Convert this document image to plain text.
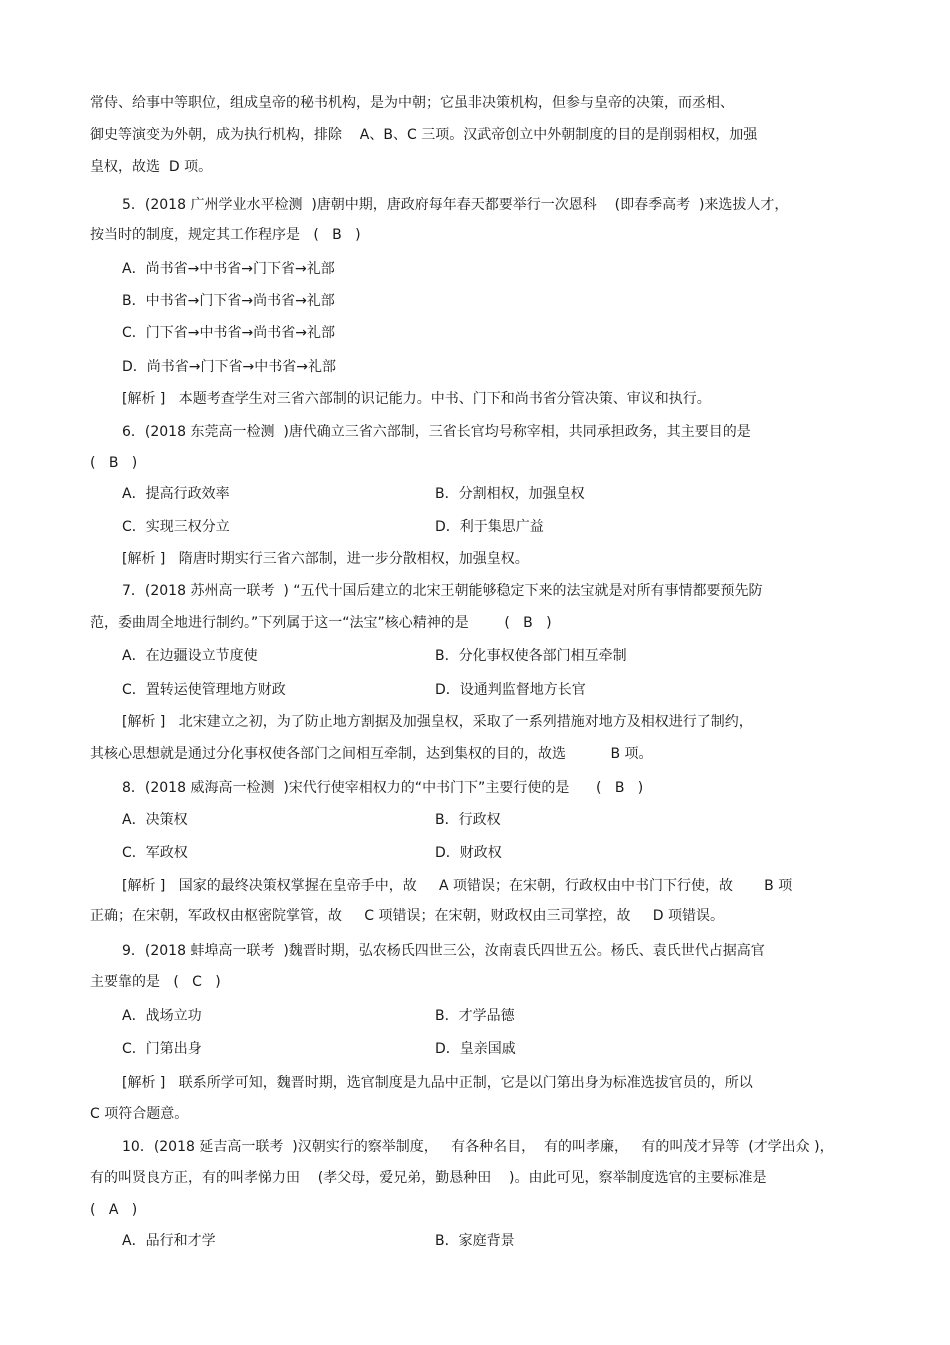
常侍、给事中等职位，组成皇帝的秘书机构，是为中朝；它虽非决策机构，但参与皇帝的决策，而丞相、
御史等演变为外朝，成为执行机构，排除    A、B、C 三项。汉武帝创立中外朝制度的目的是削弱相权，加强
皇权，故选  D 项。
5．(2018 广州学业水平检测  )唐朝中期，唐政府每年春天都要举行一次恩科    (即春季高考  )来选拔人才，
按当时的制度，规定其工作程序是   (   B   )
A．尚书省→中书省→门下省→礼部
B．中书省→门下省→尚书省→礼部
C．门下省→中书省→尚书省→礼部
D．尚书省→门下省→中书省→礼部
[解析 ]   本题考查学生对三省六部制的识记能力。中书、门下和尚书省分管决策、审议和执行。
6．(2018 东莞高一检测  )唐代确立三省六部制，三省长官均号称宰相，共同承担政务，其主要目的是
(   B   )
A．提高行政效率	B．分割相权，加强皇权
C．实现三权分立	D．利于集思广益
[解析 ]   隋唐时期实行三省六部制，进一步分散相权，加强皇权。
7．(2018 苏州高一联考  ) “五代十国后建立的北宋王朝能够稳定下来的法宝就是对所有事情都要预先防
范，委曲周全地进行制约。”下列属于这一“法宝”核心精神的是        (   B   )
A．在边疆设立节度使	B．分化事权使各部门相互牵制
C．置转运使管理地方财政	D．设通判监督地方长官
[解析 ]   北宋建立之初，为了防止地方割据及加强皇权，采取了一系列措施对地方及相权进行了制约，
其核心思想就是通过分化事权使各部门之间相互牵制，达到集权的目的，故选          B 项。
8．(2018 威海高一检测  )宋代行使宰相权力的“中书门下”主要行使的是      (   B   )
A．决策权	B．行政权
C．军政权	D．财政权
[解析 ]   国家的最终决策权掌握在皇帝手中，故     A 项错误；在宋朝，行政权由中书门下行使，故       B 项
正确；在宋朝，军政权由枢密院掌管，故     C 项错误；在宋朝，财政权由三司掌控，故     D 项错误。
9．(2018 蚌埠高一联考  )魏晋时期，弘农杨氏四世三公，汝南袁氏四世五公。杨氏、袁氏世代占据高官
主要靠的是   (   C   )
A．战场立功	B．才学品德
C．门第出身	D．皇亲国戚
[解析 ]   联系所学可知，魏晋时期，选官制度是九品中正制，它是以门第出身为标准选拔官员的，所以
C 项符合题意。
10．(2018 延吉高一联考  )汉朝实行的察举制度，   有各种名目，  有的叫孝廉，   有的叫茂才异等  (才学出众 )，
有的叫贤良方正，有的叫孝悌力田    (孝父母，爱兄弟，勤恳种田    )。由此可见，察举制度选官的主要标准是
(   A   )
A．品行和才学	B．家庭背景
